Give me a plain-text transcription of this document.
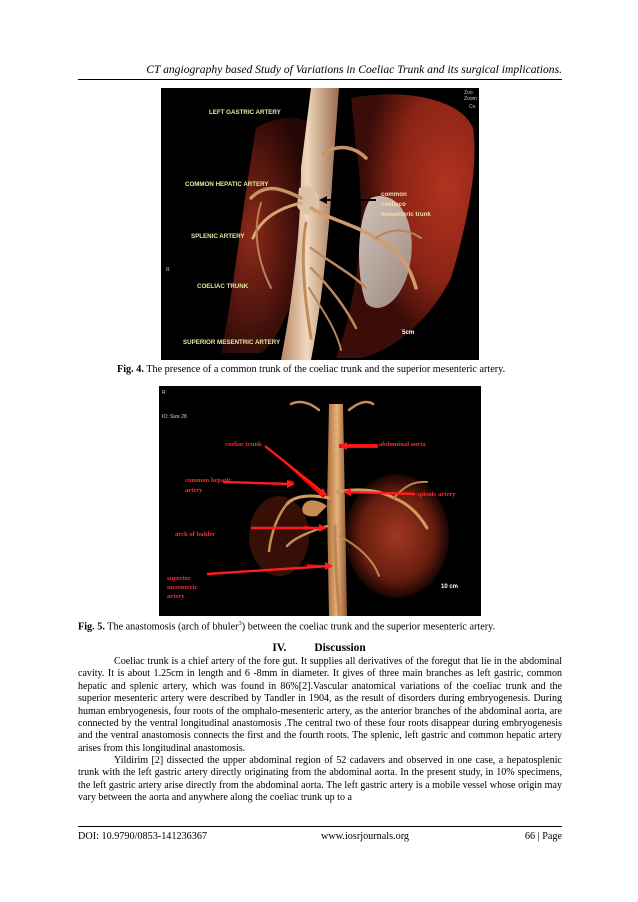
CT angiography based Study of Variations in Coeliac Trunk and its surgical implications.
LEFT GASTRIC ARTERY
COMMON HEPATIC ARTERY
SPLENIC ARTERY
COELIAC TRUNK
SUPERIOR MESENTRIC ARTERY
common
coeliaco
mesenteric trunk
5cm
Zoo
Zoom
Co
R
Fig. 4. The presence of a common trunk of the coeliac trunk and the superior mesenteric artery.
coeliac trunk	abdominal aorta
common hepatic
artery
splenic artery
arch of buhler
superior
mesenteric
artery
R
IO: Size 28
10 cm
Fig. 5. The anastomosis (arch of bhuler$^3$) between the coeliac trunk and the superior mesenteric artery.
IV. Discussion

Coeliac trunk is a chief artery of the fore gut. It supplies all derivatives of the foregut that lie in the abdominal cavity. It is about 1.25cm in length and 6 -8mm in diameter. It gives of three main branches as left gastric, common hepatic and splenic artery, which was found in 86%[2].Vascular anatomical variations of the coeliac trunk and the superior mesenteric artery were described by Tandler in 1904, as the result of disorders during embryogenesis. During human embryogenesis, four roots of the omphalo-mesenteric artery, as the anterior branches of the abdominal aorta, are connected by the ventral longitudinal anastomosis .The central two of these four roots disappear during embryogenesis and the ventral anastomosis connects the first and the fourth roots. The splenic, left gastric and common hepatic artery arises from this longitudinal anastomosis.

Yildirim [2] dissected the upper abdominal region of 52 cadavers and observed in one case, a hepatosplenic trunk with the left gastric artery directly originating from the abdominal aorta. In the present study, in 10% specimens, the left gastric artery arise directly from the abdominal aorta. The left gastric artery is a mobile vessel whose origin may vary between the aorta and anywhere along the coeliac trunk up to a

DOI: 10.9790/0853-141236367	www.iosrjournals.org	66 | Page
